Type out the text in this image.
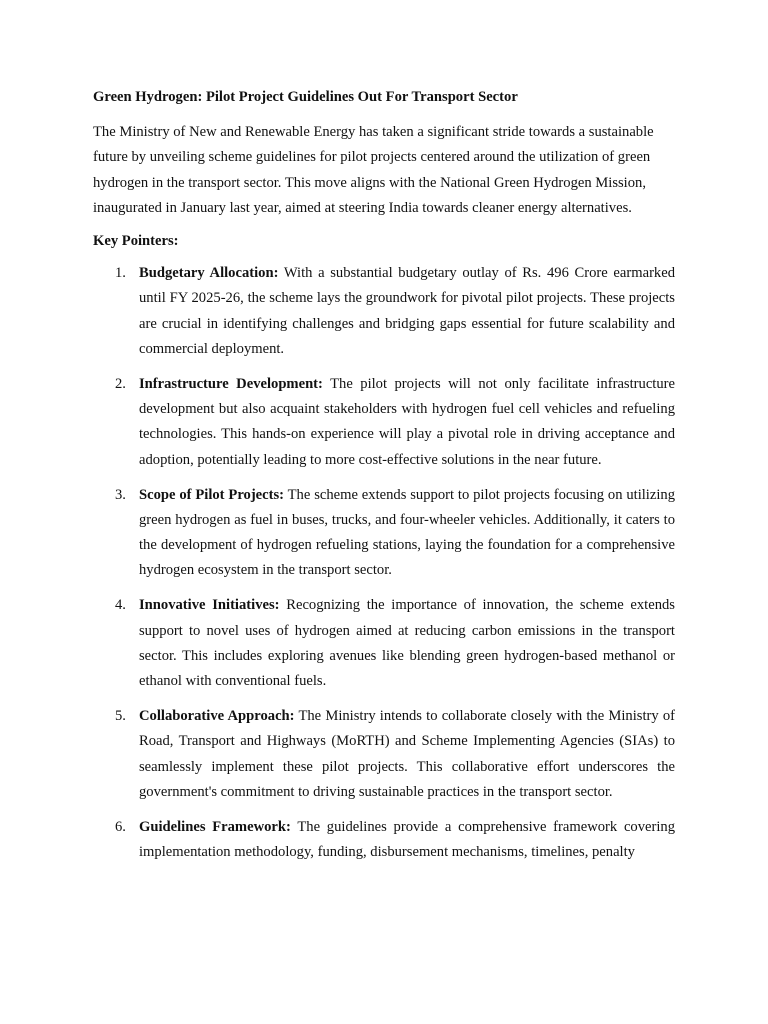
Green Hydrogen: Pilot Project Guidelines Out For Transport Sector

The Ministry of New and Renewable Energy has taken a significant stride towards a sustainable future by unveiling scheme guidelines for pilot projects centered around the utilization of green hydrogen in the transport sector. This move aligns with the National Green Hydrogen Mission, inaugurated in January last year, aimed at steering India towards cleaner energy alternatives.

Key Pointers:
1. Budgetary Allocation: With a substantial budgetary outlay of Rs. 496 Crore earmarked until FY 2025-26, the scheme lays the groundwork for pivotal pilot projects. These projects are crucial in identifying challenges and bridging gaps essential for future scalability and commercial deployment.
2. Infrastructure Development: The pilot projects will not only facilitate infrastructure development but also acquaint stakeholders with hydrogen fuel cell vehicles and refueling technologies. This hands-on experience will play a pivotal role in driving acceptance and adoption, potentially leading to more cost-effective solutions in the near future.
3. Scope of Pilot Projects: The scheme extends support to pilot projects focusing on utilizing green hydrogen as fuel in buses, trucks, and four-wheeler vehicles. Additionally, it caters to the development of hydrogen refueling stations, laying the foundation for a comprehensive hydrogen ecosystem in the transport sector.
4. Innovative Initiatives: Recognizing the importance of innovation, the scheme extends support to novel uses of hydrogen aimed at reducing carbon emissions in the transport sector. This includes exploring avenues like blending green hydrogen-based methanol or ethanol with conventional fuels.
5. Collaborative Approach: The Ministry intends to collaborate closely with the Ministry of Road, Transport and Highways (MoRTH) and Scheme Implementing Agencies (SIAs) to seamlessly implement these pilot projects. This collaborative effort underscores the government's commitment to driving sustainable practices in the transport sector.
6. Guidelines Framework: The guidelines provide a comprehensive framework covering implementation methodology, funding, disbursement mechanisms, timelines, penalty
